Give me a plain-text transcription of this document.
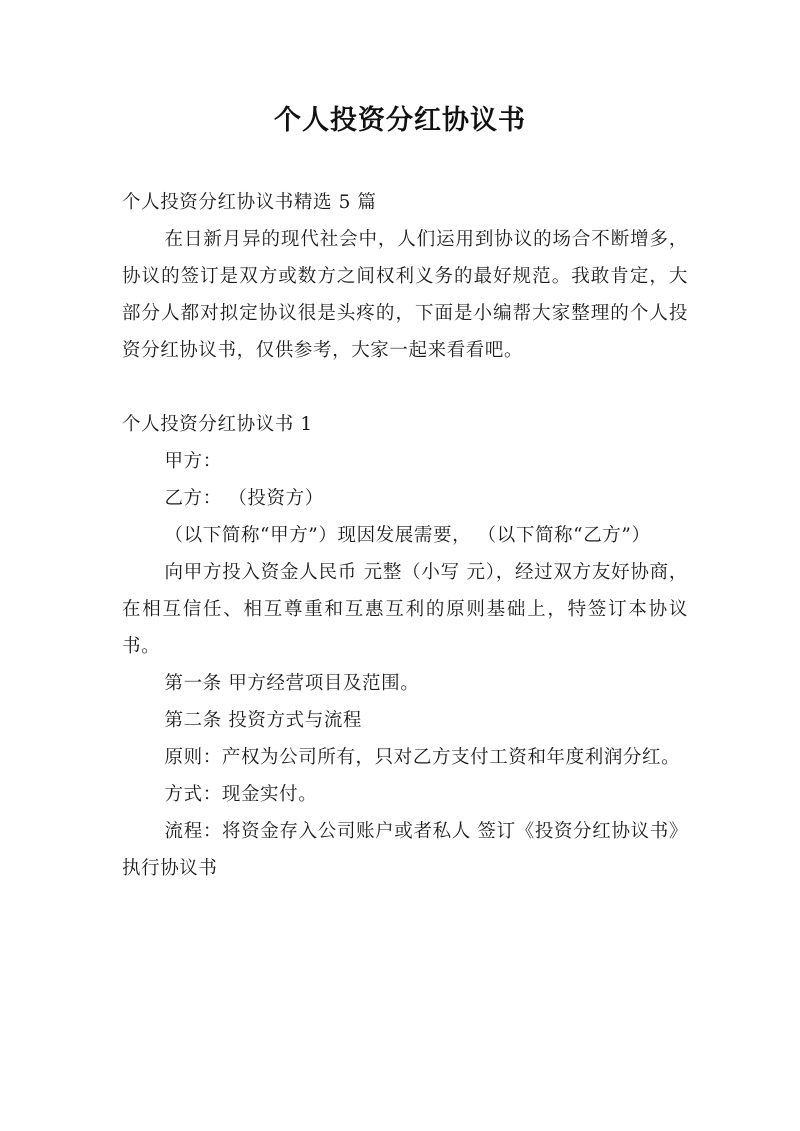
个人投资分红协议书

个人投资分红协议书精选 5 篇

在日新月异的现代社会中，人们运用到协议的场合不断增多，协议的签订是双方或数方之间权利义务的最好规范。我敢肯定，大部分人都对拟定协议很是头疼的，下面是小编帮大家整理的个人投资分红协议书，仅供参考，大家一起来看看吧。

个人投资分红协议书 1

甲方：

乙方： （投资方）

（以下简称“甲方”）现因发展需要， （以下简称“乙方”）

向甲方投入资金人民币 元整（小写 元），经过双方友好协商，在相互信任、相互尊重和互惠互利的原则基础上，特签订本协议书。

第一条 甲方经营项目及范围。

第二条 投资方式与流程

原则：产权为公司所有，只对乙方支付工资和年度利润分红。

方式：现金实付。

流程：将资金存入公司账户或者私人 签订《投资分红协议书》 执行协议书
